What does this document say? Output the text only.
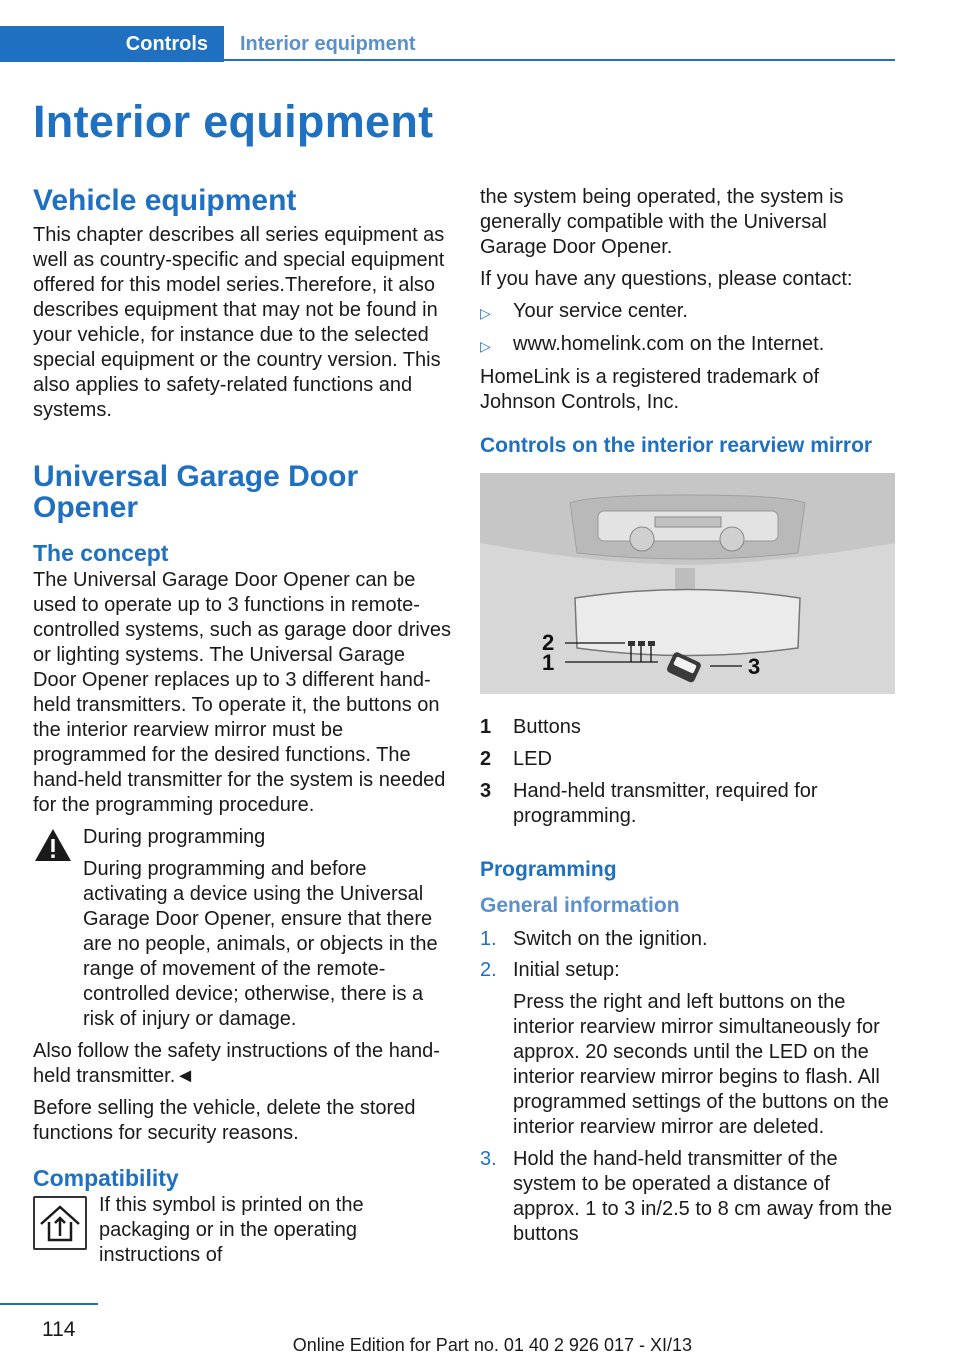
Controls	Interior equipment
Interior equipment
Vehicle equipment

This chapter describes all series equipment as well as country-specific and special equipment offered for this model series.Therefore, it also describes equipment that may not be found in your vehicle, for instance due to the selected special equipment or the country version. This also applies to safety-related functions and systems.

Universal Garage Door Opener
The concept

The Universal Garage Door Opener can be used to operate up to 3 functions in remote-controlled systems, such as garage door drives or lighting systems. The Universal Garage Door Opener replaces up to 3 different hand-held transmitters. To operate it, the buttons on the interior rearview mirror must be programmed for the desired functions. The hand-held transmitter for the system is needed for the programming procedure.

During programming

During programming and before activating a device using the Universal Garage Door Opener, ensure that there are no people, animals, or objects in the range of movement of the remote-controlled device; otherwise, there is a risk of injury or damage.

Also follow the safety instructions of the hand-held transmitter.◄

Before selling the vehicle, delete the stored functions for security reasons.

Compatibility

If this symbol is printed on the packaging or in the operating instructions of

the system being operated, the system is generally compatible with the Universal Garage Door Opener.

If you have any questions, please contact:

▷ Your service center.
▷ www.homelink.com on the Internet.

HomeLink is a registered trademark of Johnson Controls, Inc.

Controls on the interior rearview mirror
2
1	3
1	Buttons
2	LED
3	Hand-held transmitter, required for programming.
Programming
General information
1. Switch on the ignition.
2. Initial setup:

Press the right and left buttons on the interior rearview mirror simultaneously for approx. 20 seconds until the LED on the interior rearview mirror begins to flash. All programmed settings of the buttons on the interior rearview mirror are deleted.

3. Hold the hand-held transmitter of the system to be operated a distance of approx. 1 to 3 in/2.5 to 8 cm away from the buttons
114
Online Edition for Part no. 01 40 2 926 017 - XI/13
